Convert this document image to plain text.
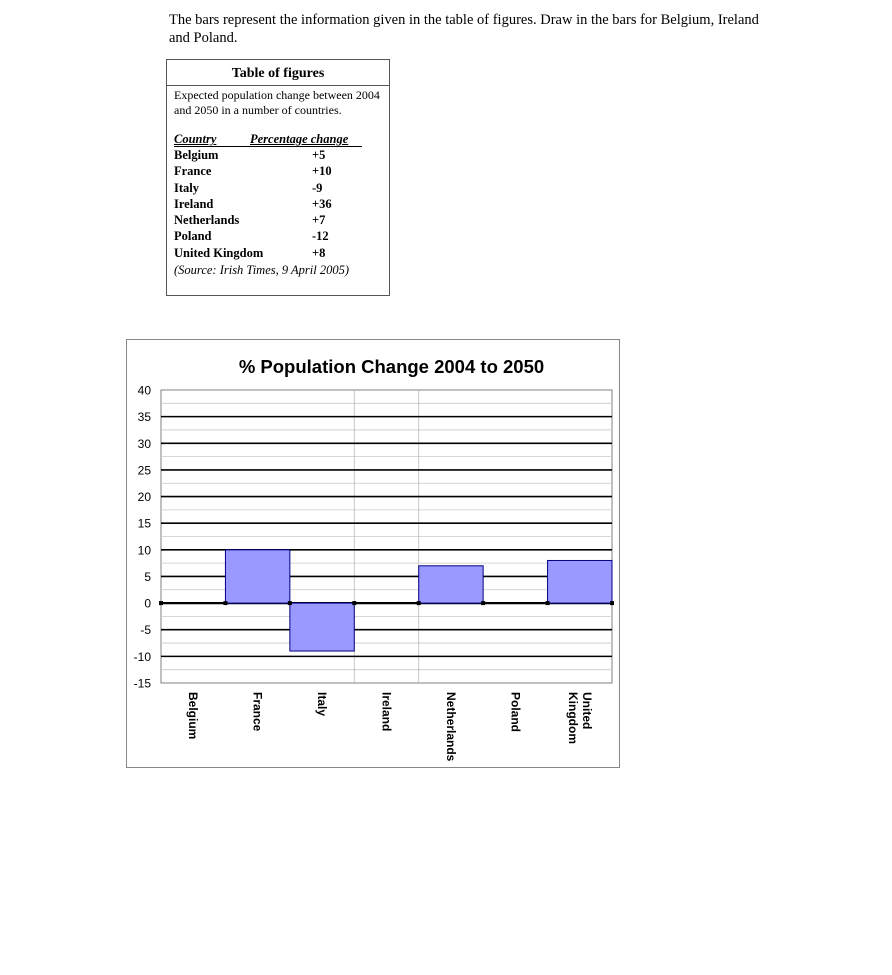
The bars represent the information given in the table of figures. Draw in the bars for Belgium, Ireland and Poland.
Table of figures
Expected population change between 2004 and 2050 in a number of countries.
Country	Percentage change
Belgium	+5
France	+10
Italy	-9
Ireland	+36
Netherlands	+7
Poland	-12
United Kingdom	+8
(Source: Irish Times, 9 April 2005)
% Population Change 2004 to 2050
40
35
30
25
20
15
10
5
0
-5
-10
-15
Belgium	France	Italy	Ireland	Netherlands	Poland	UnitedKingdom
